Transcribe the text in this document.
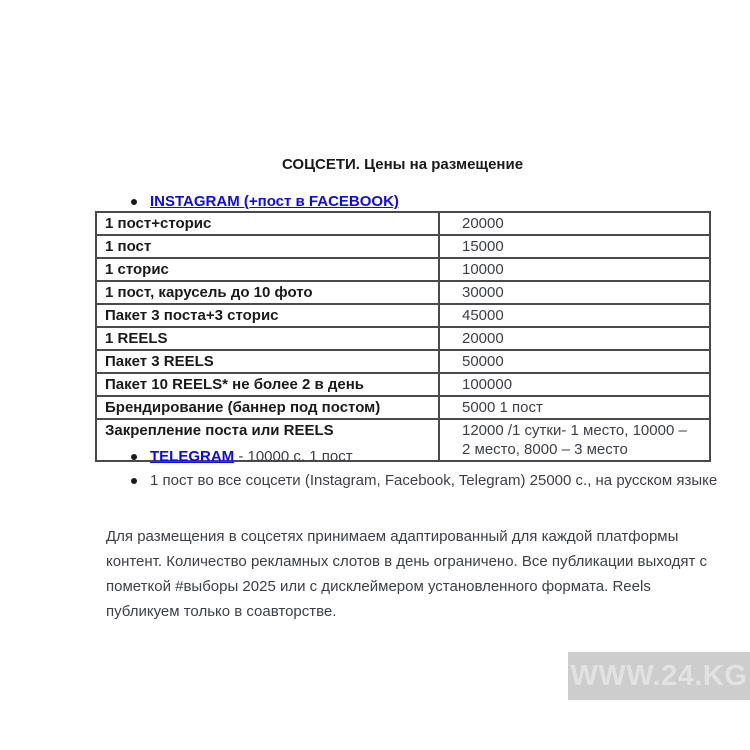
СОЦСЕТИ. Цены на размещение
INSTAGRAM (+пост в FACEBOOK)
1 пост+сторис	20000
1 пост	15000
1 сторис	10000
1 пост, карусель до 10 фото	30000
Пакет 3 поста+3 сторис	45000
1 REELS	20000
Пакет 3 REELS	50000
Пакет 10 REELS* не более 2 в день	100000
Брендирование (баннер под постом)	5000 1 пост
Закрепление поста или REELS	12000 /1 сутки- 1 место, 10000 – 2 место, 8000 – 3 место
TELEGRAM - 10000 с. 1 пост
1 пост во все соцсети (Instagram, Facebook, Telegram) 25000 с., на русском языке
Для размещения в соцсетях принимаем адаптированный для каждой платформы контент. Количество рекламных слотов в день ограничено. Все публикации выходят с пометкой #выборы 2025 или с дисклеймером установленного формата. Reels публикуем только в соавторстве.
WWW.24.KG
